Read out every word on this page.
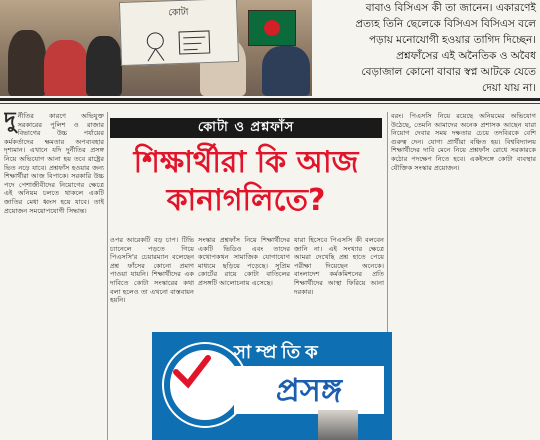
কোটা	বাবাও বিসিএস কী তা জানেন। একারণেই

প্রত্যহ তিনি ছেলেকে বিসিএস বিসিএস বলে

পড়ায় মনোযোগী হওয়ার তাগিদ দিচ্ছেন।

প্রশ্নফাঁসের এই অনৈতিক ও অবৈধ

বেড়াজাল কোনো বাবার স্বপ্ন আটকে যেতে

দেয়া যায় না।

দু র্নীতির কারণে অভিযুক্ত সরকারের পুলিশ ও রাজার বিভাগের উচ্চ পর্যায়ের কর্মকর্তাদের ক্ষমতার অপব্যবহার দৃশ্যমান। এখানে যদি দুর্নীতির প্রসঙ্গ নিয়ে অভিযোগ আনা হয় তবে রাষ্ট্রের ভিত নড়ে যাবে। প্রশ্নফাঁস হওয়ার জন্য শিক্ষার্থীরা আজ বিপাকে। সরকারি উচ্চ পদে পেশাজীবীদের নিয়োগের ক্ষেত্রে এই অনিয়ম চলতে থাকলে একটি জাতির মেধা ধ্বংস হয়ে যাবে। তাই প্রয়োজন সময়োপযোগী সিদ্ধান্ত।
কোটা ও প্রশ্নফাঁস
শিক্ষার্থীরা কি আজ
কানাগলিতে?
ওপর আরেকটি বড় চাপ। টিভি চ্যানেলে পড়তে গিয়ে পিএসসি'র চেয়ারম্যান বলেছেন প্রশ্ন ফাঁসের কোনো প্রমাণ পাওয়া যায়নি। শিক্ষার্থীদের এক দাবিতে কোটা সংস্কারের কথা বলা হলেও তা এখনো বাস্তবায়ন হয়নি।
সংস্কার প্রশ্নফাঁস নিয়ে শিক্ষার্থীদের একটি ভিডিও এবং তাদের কথোপকথন সামাজিক যোগাযোগ মাধ্যমে ছড়িয়ে পড়েছে। সুপ্রিম কোর্টের রায়ে কোটা বাতিলের প্রসঙ্গটি আলোচনায় এসেছে।
যারা হিসেবে পিএসসি কী বলবেন জানি না। এই সংখ্যার ক্ষেত্রে আমরা দেখেছি প্রশ্ন হাতে পেয়ে পরীক্ষা দিয়েছেন অনেকে। বাংলাদেশ কর্মকমিশনের প্রতি শিক্ষার্থীদের আস্থা ফিরিয়ে আনা দরকার।
বরং। পিএসসি নিয়ে রয়েছে অনিয়মের অভিযোগ উঠেছে, তেমনি আমাদের অনেক প্রশাসক আছেন যারা নিয়োগ দেবার সময় দক্ষতার চেয়ে তদবিরকে বেশি গুরুত্ব দেন। যোগ্য প্রার্থীরা বঞ্চিত হয়। বিশ্ববিদ্যালয় শিক্ষার্থীদের দাবি মেনে নিয়ে প্রশ্নফাঁস রোধে সরকারকে কঠোর পদক্ষেপ নিতে হবে। একইসঙ্গে কোটা ব্যবস্থার যৌক্তিক সংস্কার প্রয়োজন।
সাম্প্রতিক
প্রসঙ্গ
